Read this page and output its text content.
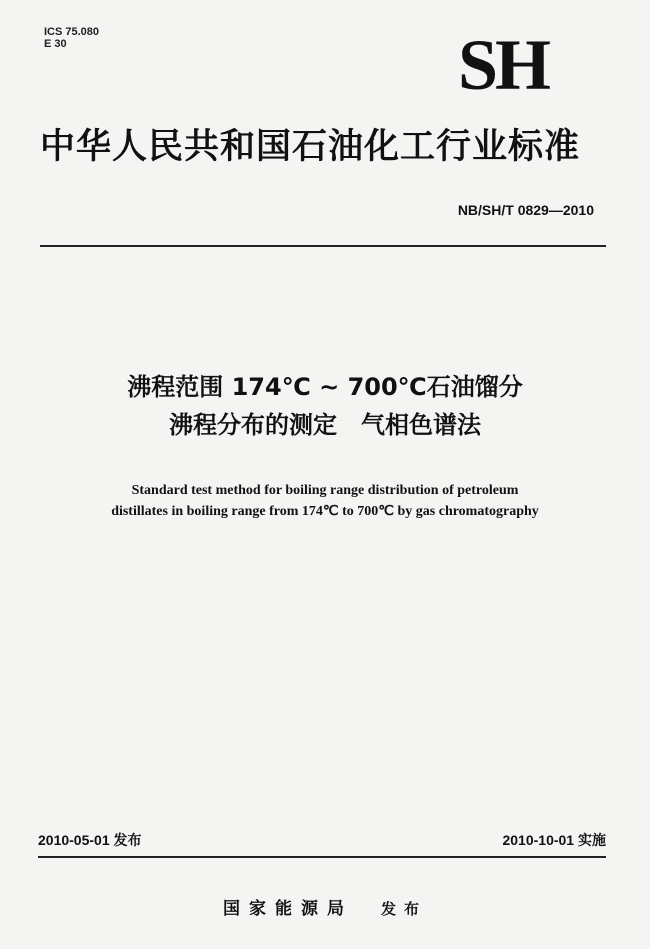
ICS 75.080
E 30	SH
中华人民共和国石油化工行业标准
NB/SH/T 0829—2010
沸程范围 174℃ ~ 700℃石油馏分
沸程分布的测定　气相色谱法
Standard test method for boiling range distribution of petroleum
distillates in boiling range from 174℃ to 700℃ by gas chromatography
2010-05-01 发布	2010-10-01 实施
国家能源局 发布
